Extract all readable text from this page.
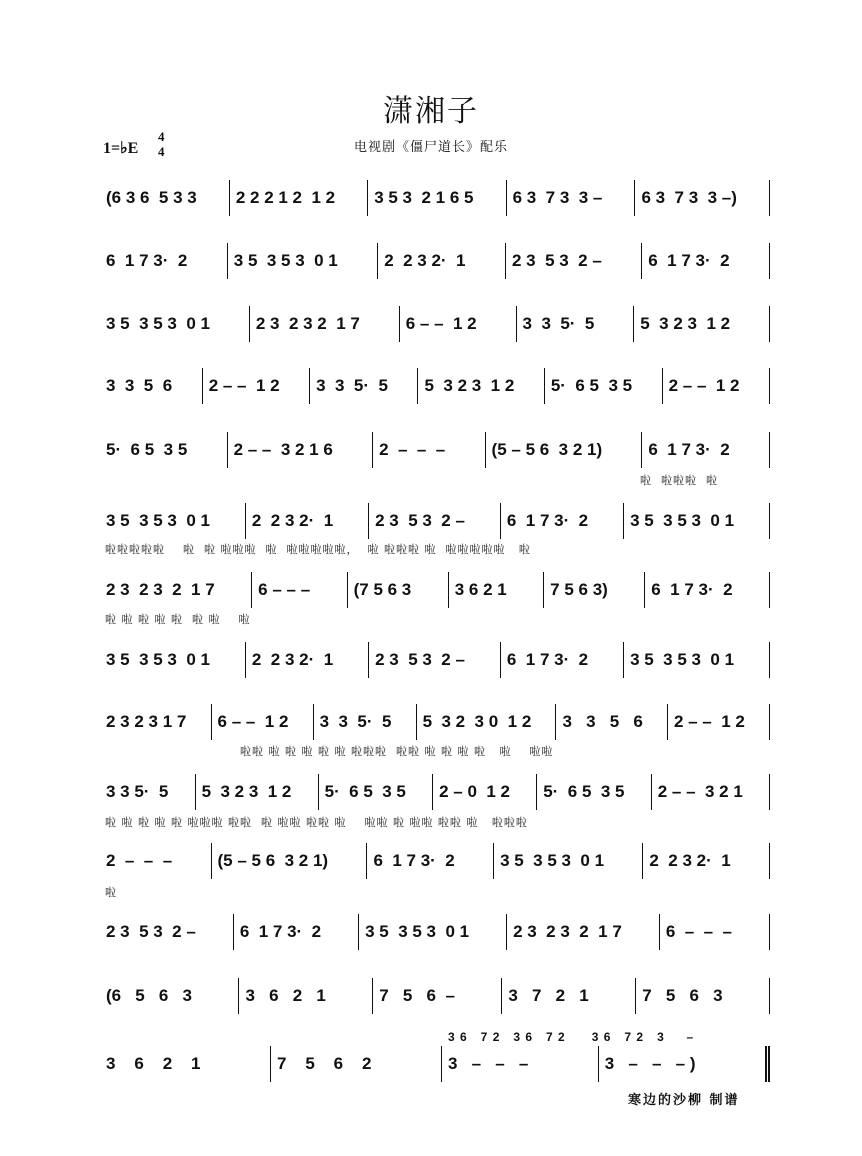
潇湘子
1=♭E
4
4	电视剧《僵尸道长》配乐
(6 3 6  5 3 3	2 2 2 1 2  1 2	3 5 3  2 1 6 5	6 3  7 3  3 –	6 3  7 3  3 –)
6  1 7 3·  2	3 5  3 5 3  0 1	2  2 3 2·  1	2 3  5 3  2 –	6  1 7 3·  2
3 5  3 5 3  0 1	2 3  2 3 2  1 7	6 – –  1 2	3  3  5·  5	5  3 2 3  1 2
3  3  5  6	2 – –  1 2	3  3  5·  5	5  3 2 3  1 2	5·  6 5  3 5	2 – –  1 2
5·  6 5  3 5	2 – –  3 2 1 6	2  –  –  –	(5 – 5 6  3 2 1)	6  1 7 3·  2
3 5  3 5 3  0 1	2  2 3 2·  1	2 3  5 3  2 –	6  1 7 3·  2	3 5  3 5 3  0 1
2 3  2 3  2  1 7	6 – – –	(7 5 6 3	3 6 2 1	7 5 6 3)	6  1 7 3·  2
3 5  3 5 3  0 1	2  2 3 2·  1	2 3  5 3  2 –	6  1 7 3·  2	3 5  3 5 3  0 1
2 3 2 3 1 7	6 – –  1 2	3  3  5·  5	5  3 2  3 0  1 2	3   3   5   6	2 – –  1 2
3 3 5·  5	5  3 2 3  1 2	5·  6 5  3 5	2 – 0  1 2	5·  6 5  3 5	2 – –  3 2 1
2  –  –  –	(5 – 5 6  3 2 1)	6  1 7 3·  2	3 5  3 5 3  0 1	2  2 3 2·  1
2 3  5 3  2 –	6  1 7 3·  2	3 5  3 5 3  0 1	2 3  2 3  2  1 7	6  –  –  –
(6   5   6   3	3   6   2   1	7   5   6  –	3   7   2   1	7   5   6   3
3    6    2    1	7    5    6    2	3   –   –   –	3   –   –   – )
啦  啦啦啦  啦
啦啦啦啦啦    啦  啦 啦啦啦  啦  啦啦啦啦啦，  啦 啦啦啦 啦  啦啦啦啦啦   啦
啦 啦 啦 啦 啦  啦 啦    啦
啦啦 啦 啦 啦 啦 啦 啦啦啦  啦啦 啦 啦 啦 啦   啦    啦啦
啦 啦 啦 啦 啦 啦啦啦 啦啦  啦 啦啦 啦啦 啦    啦啦 啦 啦啦 啦啦 啦   啦啦啦
啦
3 6   7 2   3 6   7 2      3 6   7 2   3     –
寒边的沙柳 制谱
